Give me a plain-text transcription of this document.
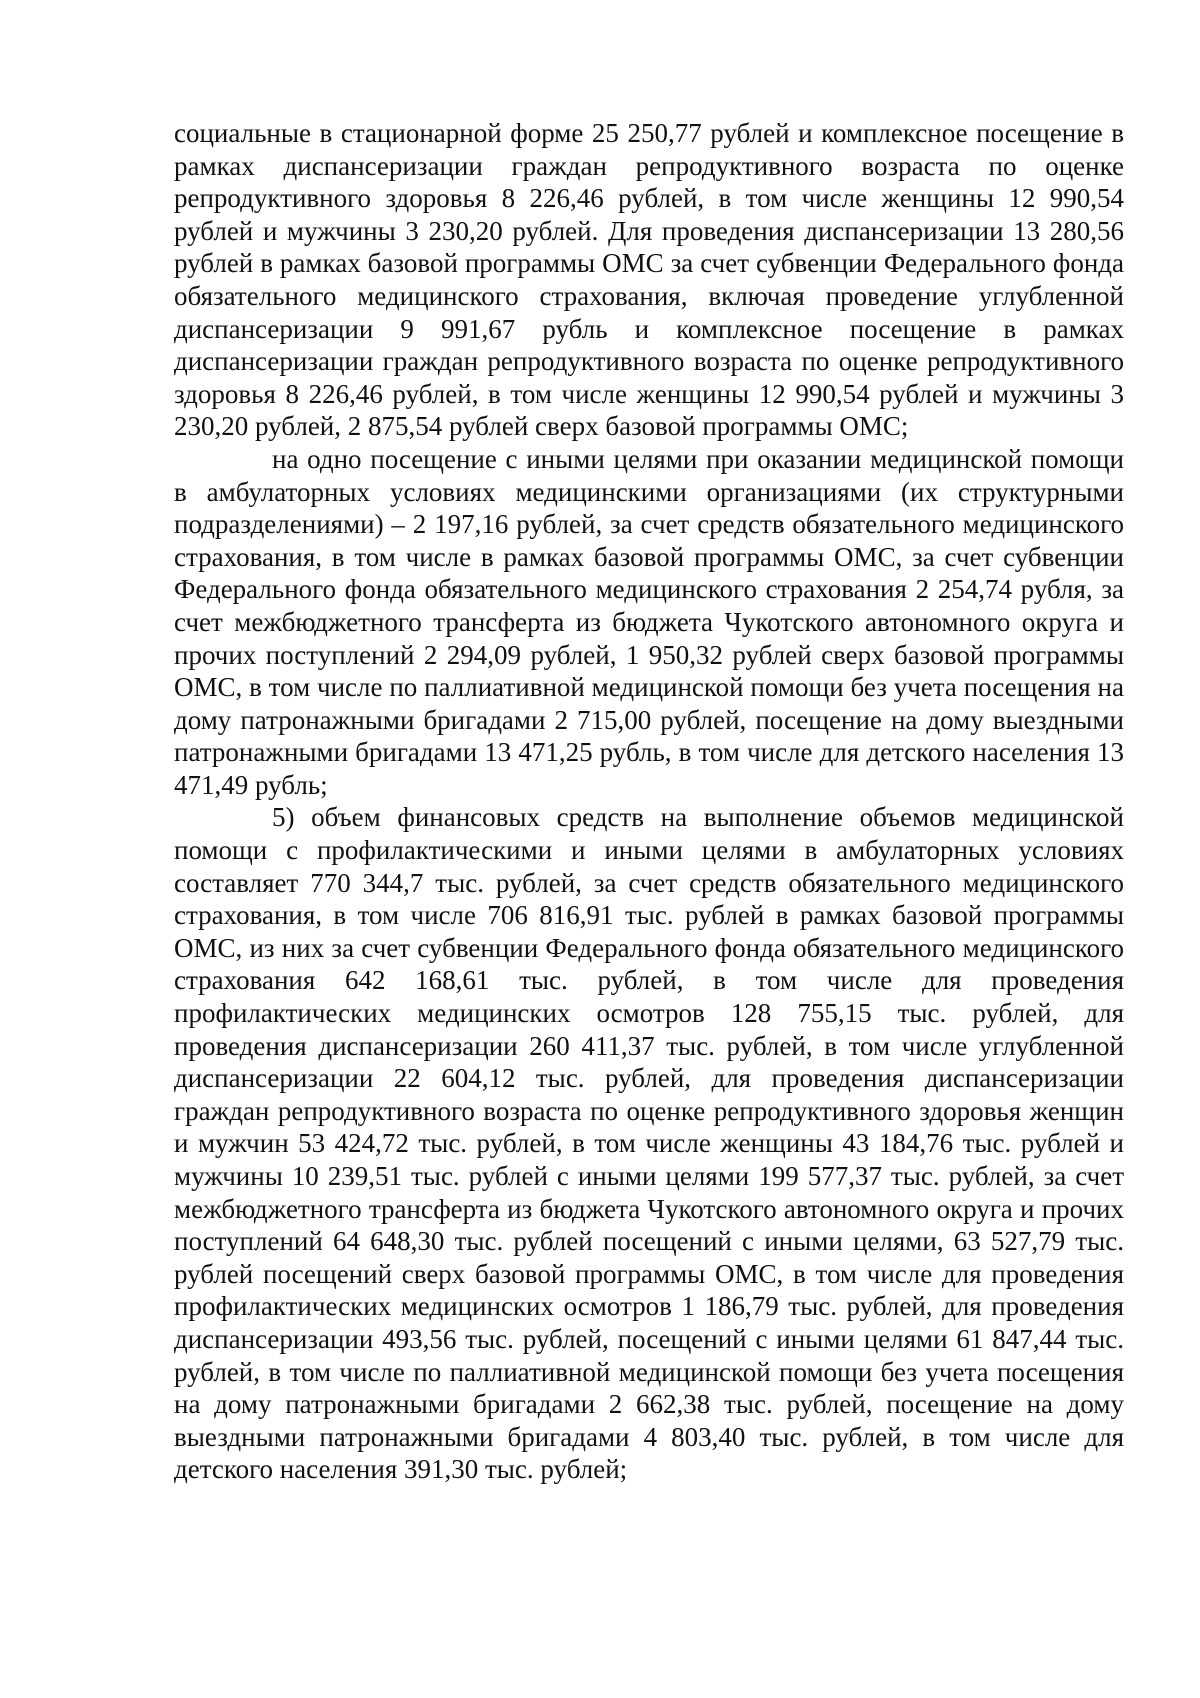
социальные в стационарной форме 25 250,77 рублей и комплексное посещение в рамках диспансеризации граждан репродуктивного возраста по оценке репродуктивного здоровья 8 226,46 рублей, в том числе женщины 12 990,54 рублей и мужчины 3 230,20 рублей. Для проведения диспансеризации 13 280,56 рублей в рамках базовой программы ОМС за счет субвенции Федерального фонда обязательного медицинского страхования, включая проведение углубленной диспансеризации 9 991,67 рубль и комплексное посещение в рамках диспансеризации граждан репродуктивного возраста по оценке репродуктивного здоровья 8 226,46 рублей, в том числе женщины 12 990,54 рублей и мужчины 3 230,20 рублей, 2 875,54 рублей сверх базовой программы ОМС;

на одно посещение с иными целями при оказании медицинской помощи в амбулаторных условиях медицинскими организациями (их структурными подразделениями) – 2 197,16 рублей, за счет средств обязательного медицинского страхования, в том числе в рамках базовой программы ОМС, за счет субвенции Федерального фонда обязательного медицинского страхования 2 254,74 рубля, за счет межбюджетного трансферта из бюджета Чукотского автономного округа и прочих поступлений 2 294,09 рублей, 1 950,32 рублей сверх базовой программы ОМС, в том числе по паллиативной медицинской помощи без учета посещения на дому патронажными бригадами 2 715,00 рублей, посещение на дому выездными патронажными бригадами 13 471,25 рубль, в том числе для детского населения 13 471,49 рубль;

5) объем финансовых средств на выполнение объемов медицинской помощи с профилактическими и иными целями в амбулаторных условиях составляет 770 344,7 тыс. рублей, за счет средств обязательного медицинского страхования, в том числе 706 816,91 тыс. рублей в рамках базовой программы ОМС, из них за счет субвенции Федерального фонда обязательного медицинского страхования 642 168,61 тыс. рублей, в том числе для проведения профилактических медицинских осмотров 128 755,15 тыс. рублей, для проведения диспансеризации 260 411,37 тыс. рублей, в том числе углубленной диспансеризации 22 604,12 тыс. рублей, для проведения диспансеризации граждан репродуктивного возраста по оценке репродуктивного здоровья женщин и мужчин 53 424,72 тыс. рублей, в том числе женщины 43 184,76 тыс. рублей и мужчины 10 239,51 тыс. рублей с иными целями 199 577,37 тыс. рублей, за счет межбюджетного трансферта из бюджета Чукотского автономного округа и прочих поступлений 64 648,30 тыс. рублей посещений с иными целями, 63 527,79 тыс. рублей посещений сверх базовой программы ОМС, в том числе для проведения профилактических медицинских осмотров 1 186,79 тыс. рублей, для проведения диспансеризации 493,56 тыс. рублей, посещений с иными целями 61 847,44 тыс. рублей, в том числе по паллиативной медицинской помощи без учета посещения на дому патронажными бригадами 2 662,38 тыс. рублей, посещение на дому выездными патронажными бригадами 4 803,40 тыс. рублей, в том числе для детского населения 391,30 тыс. рублей;
